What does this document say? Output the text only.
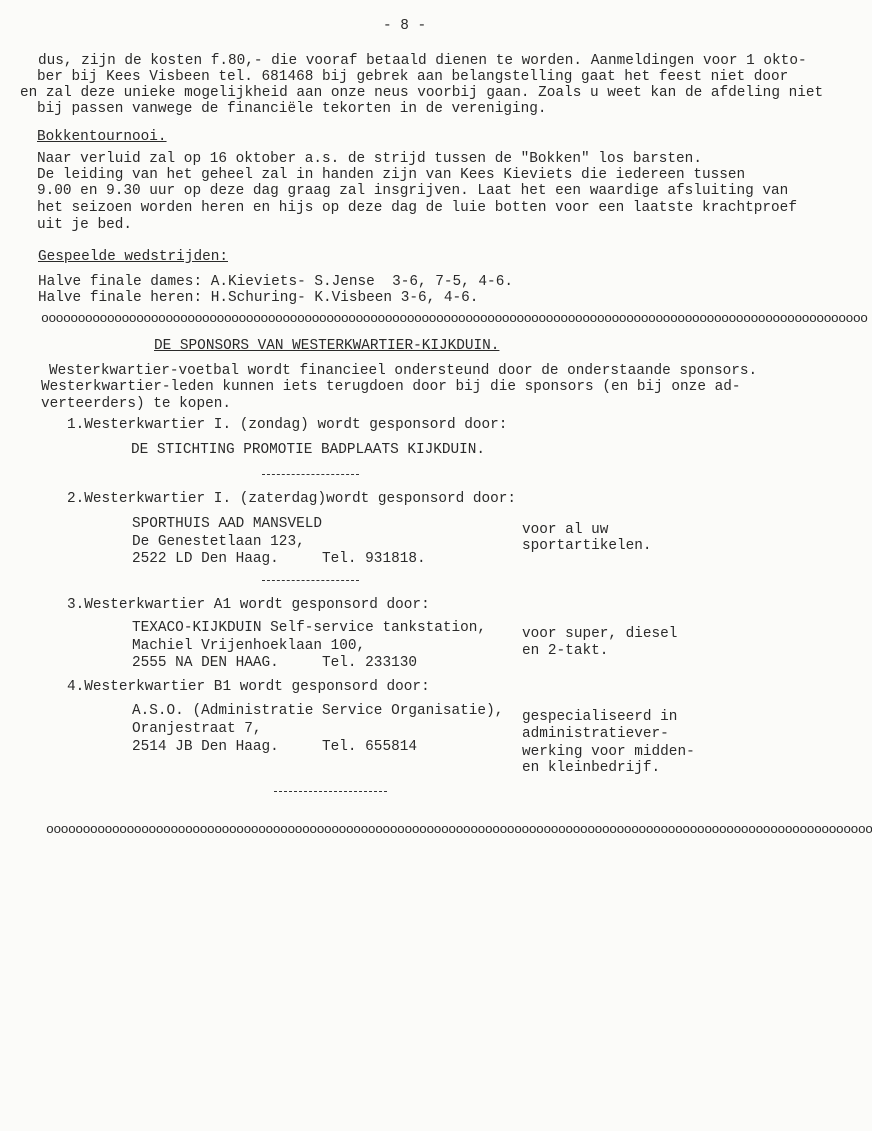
- 8 -
dus, zijn de kosten f.80,- die vooraf betaald dienen te worden. Aanmeldingen voor 1 okto-
ber bij Kees Visbeen tel. 681468 bij gebrek aan belangstelling gaat het feest niet door
en zal deze unieke mogelijkheid aan onze neus voorbij gaan. Zoals u weet kan de afdeling niet
bij passen vanwege de financiële tekorten in de vereniging.
Bokkentournooi.
Naar verluid zal op 16 oktober a.s. de strijd tussen de "Bokken" los barsten.
De leiding van het geheel zal in handen zijn van Kees Kieviets die iedereen tussen
9.00 en 9.30 uur op deze dag graag zal insgrijven. Laat het een waardige afsluiting van
het seizoen worden heren en hijs op deze dag de luie botten voor een laatste krachtproef
uit je bed.
Gespeelde wedstrijden:
Halve finale dames: A.Kieviets- S.Jense  3-6, 7-5, 4-6.
Halve finale heren: H.Schuring- K.Visbeen 3-6, 4-6.
ooooooooooooooooooooooooooooooooooooooooooooooooooooooooooooooooooooooooooooooooooooooooooooooooooooooooooooooooo
DE SPONSORS VAN WESTERKWARTIER-KIJKDUIN.
Westerkwartier-voetbal wordt financieel ondersteund door de onderstaande sponsors.
Westerkwartier-leden kunnen iets terugdoen door bij die sponsors (en bij onze ad-
verteerders) te kopen.
1.Westerkwartier I. (zondag) wordt gesponsord door:
DE STICHTING PROMOTIE BADPLAATS KIJKDUIN.
2.Westerkwartier I. (zaterdag)wordt gesponsord door:
SPORTHUIS AAD MANSVELD
De Genestetlaan 123,
2522 LD Den Haag.     Tel. 931818.
voor al uw
sportartikelen.
3.Westerkwartier A1 wordt gesponsord door:
TEXACO-KIJKDUIN Self-service tankstation,
Machiel Vrijenhoeklaan 100,
2555 NA DEN HAAG.     Tel. 233130
voor super, diesel
en 2-takt.
4.Westerkwartier B1 wordt gesponsord door:
A.S.O. (Administratie Service Organisatie),
Oranjestraat 7,
2514 JB Den Haag.     Tel. 655814
gespecialiseerd in
administratiever-
werking voor midden-
en kleinbedrijf.
ooooooooooooooooooooooooooooooooooooooooooooooooooooooooooooooooooooooooooooooooooooooooooooooooooooooooooooooooo
